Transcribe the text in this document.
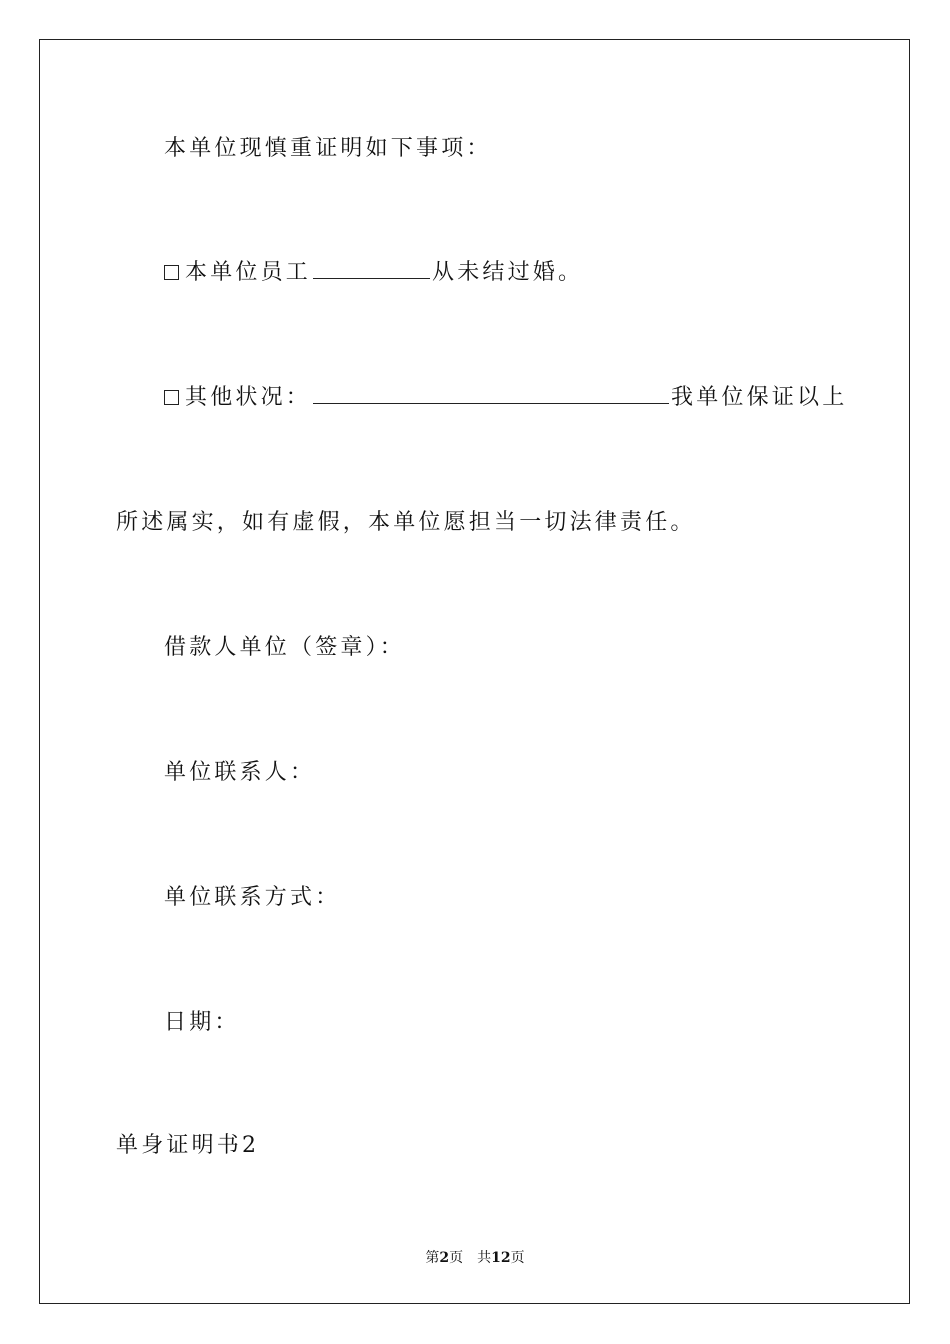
本单位现慎重证明如下事项：
本单位员工	从未结过婚。
其他状况：	我单位保证以上
所述属实，如有虚假，本单位愿担当一切法律责任。
借款人单位（签章）：
单位联系人：
单位联系方式：
日期：
单身证明书2
第2页 共12页
